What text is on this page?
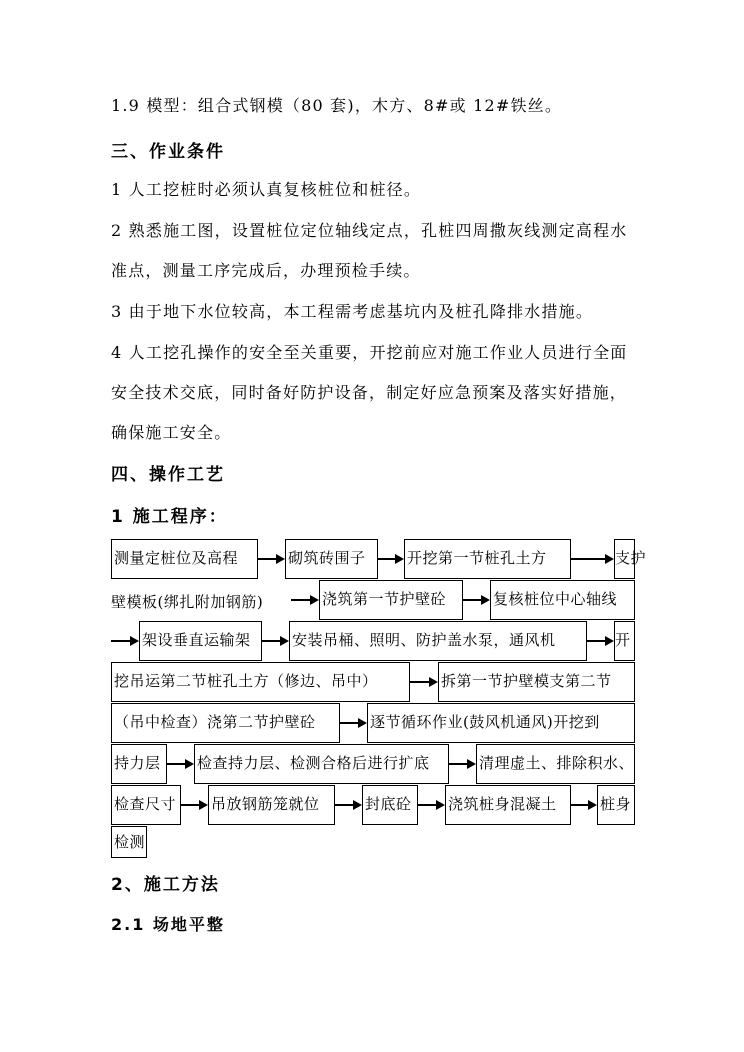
1.9 模型：组合式钢模（80 套)，木方、8#或 12#铁丝。
三、作业条件
1 人工挖桩时必须认真复核桩位和桩径。
2 熟悉施工图，设置桩位定位轴线定点，孔桩四周撒灰线测定高程水
准点，测量工序完成后，办理预检手续。
3 由于地下水位较高，本工程需考虑基坑内及桩孔降排水措施。
4 人工挖孔操作的安全至关重要，开挖前应对施工作业人员进行全面
安全技术交底，同时备好防护设备，制定好应急预案及落实好措施，
确保施工安全。
四、操作工艺
1 施工程序：
测量定桩位及高程	砌筑砖围子	开挖第一节桩孔土方	支护
壁模板(绑扎附加钢筋)	浇筑第一节护壁砼	复核桩位中心轴线
架设垂直运输架	安装吊桶、照明、防护盖水泵，通风机	开
挖吊运第二节桩孔土方（修边、吊中）	拆第一节护壁模支第二节
（吊中检查）浇第二节护壁砼	逐节循环作业(鼓风机通风)开挖到
持力层	检查持力层、检测合格后进行扩底	清理虚土、排除积水、
检查尺寸	吊放钢筋笼就位	封底砼	浇筑桩身混凝土	桩身
检测
2、施工方法
2.1 场地平整
